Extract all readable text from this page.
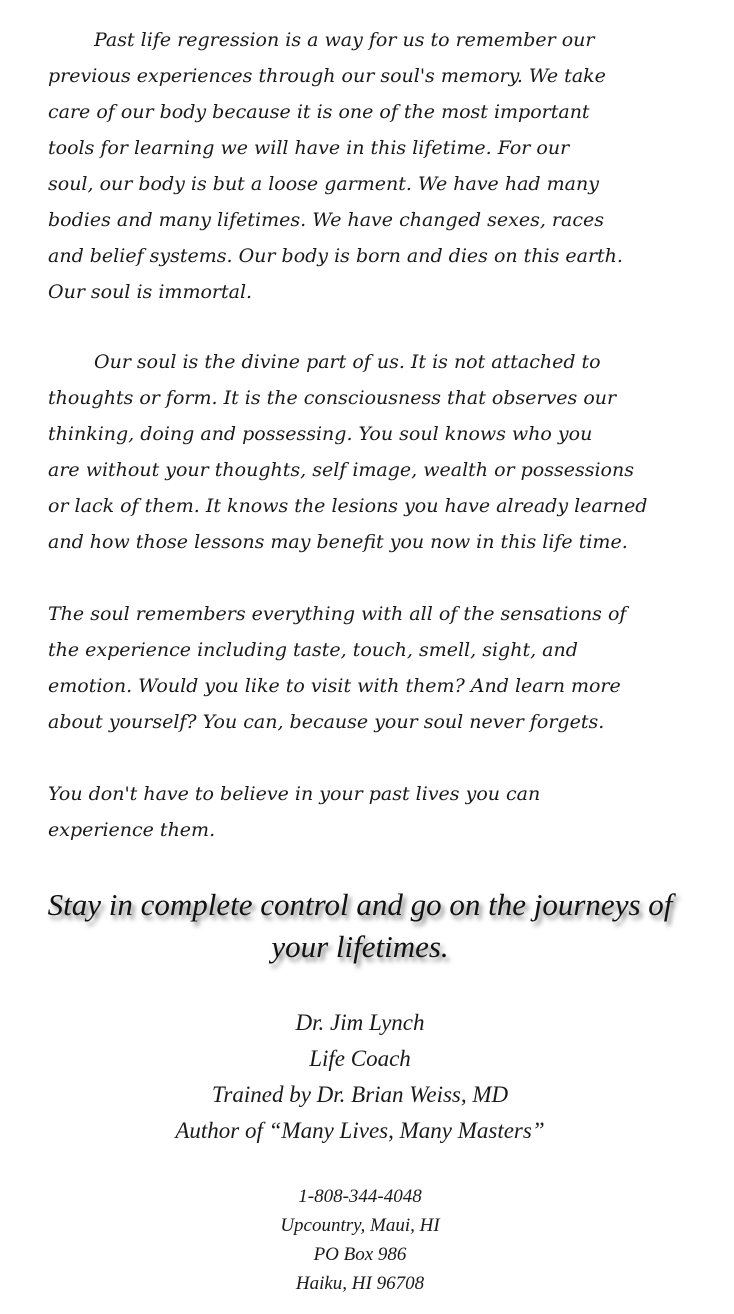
Past life regression is a way for us to remember our
previous experiences through our soul's memory. We take
care of our body because it is one of the most important
tools for learning we will have in this lifetime. For our
soul, our body is but a loose garment. We have had many
bodies and many lifetimes. We have changed sexes, races
and belief systems. Our body is born and dies on this earth.
Our soul is immortal.
Our soul is the divine part of us. It is not attached to
thoughts or form. It is the consciousness that observes our
thinking, doing and possessing. You soul knows who you
are without your thoughts, self image, wealth or possessions
or lack of them. It knows the lesions you have already learned
and how those lessons may benefit you now in this life time.
The soul remembers everything with all of the sensations of
the experience including taste, touch, smell, sight, and
emotion. Would you like to visit with them? And learn more
about yourself? You can, because your soul never forgets.
You don't have to believe in your past lives you can
experience them.
Stay in complete control and go on the journeys of
your lifetimes.
Dr. Jim Lynch
Life Coach
Trained by Dr. Brian Weiss, MD
Author of “Many Lives, Many Masters”
1-808-344-4048
Upcountry, Maui, HI
PO Box 986
Haiku, HI 96708
